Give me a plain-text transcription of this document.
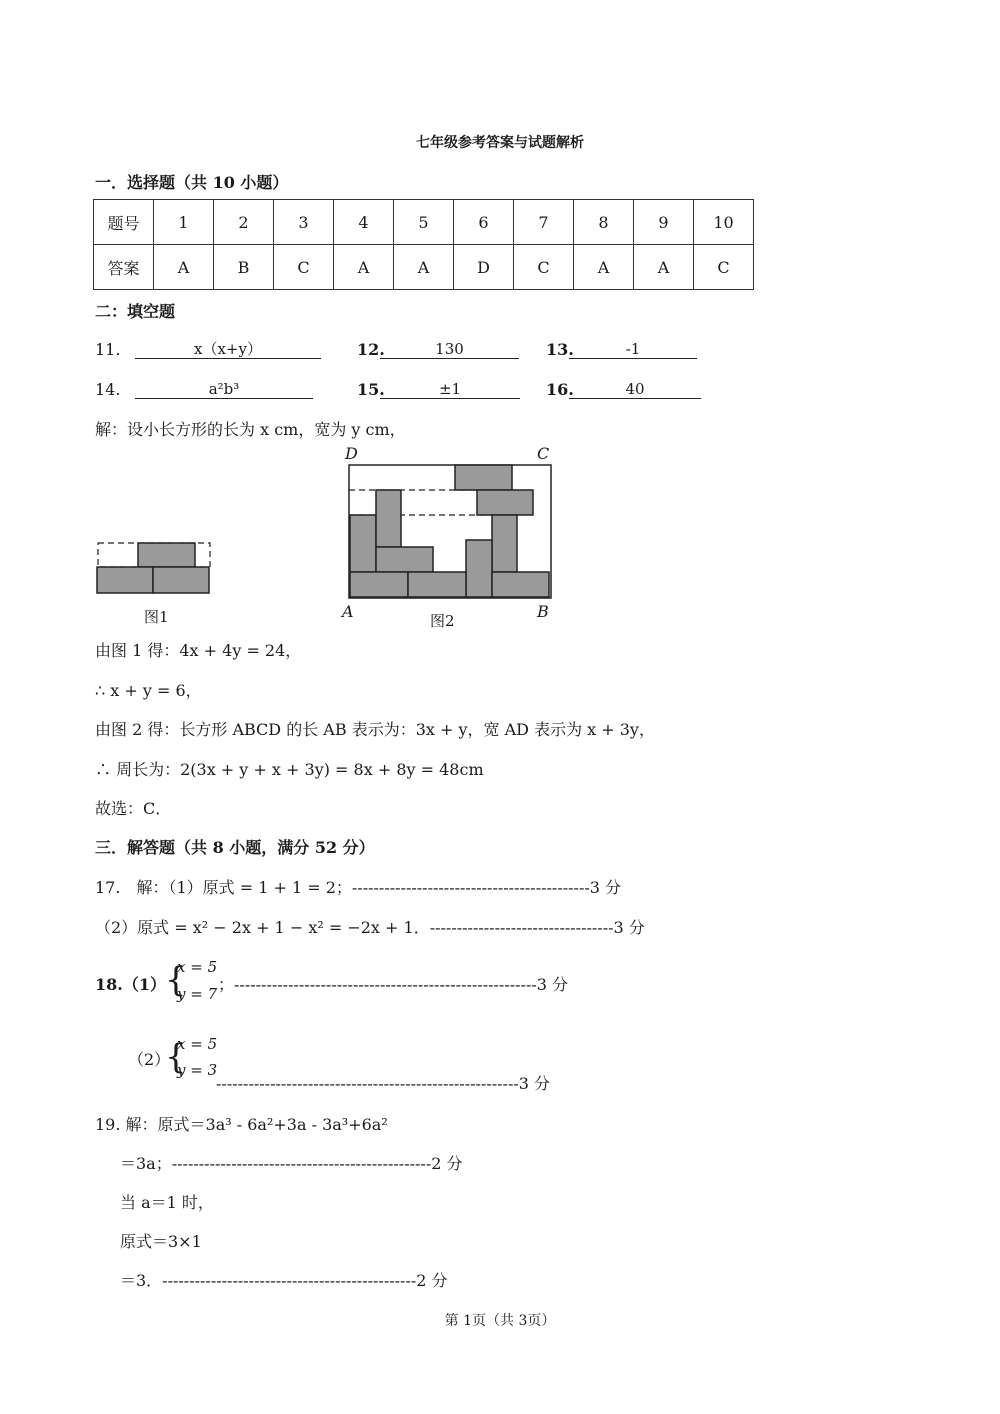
七年级参考答案与试题解析
一．选择题（共 10 小题）
题号	1	2	3	4	5	6	7	8	9	10
答案	A	B	C	A	A	D	C	A	A	C
二：填空题
11.	x（x+y）	12.	130	13.	-1
14.	a²b³	15.	±1	16.	40
解：设小长方形的长为 x cm，宽为 y cm，
图1
D	C
A	图2	B
由图 1 得：4x + 4y = 24，
∴ x + y = 6，
由图 2 得：长方形 ABCD 的长 AB 表示为：3x + y，宽 AD 表示为 x + 3y，
∴ 周长为：2(3x + y + x + 3y) = 8x + 8y = 48cm
故选：C．
三．解答题（共 8 小题，满分 52 分）
17.　解：（1）原式 = 1 + 1 = 2；--------------------------------------------3 分
（2）原式 = x² − 2x + 1 − x² = −2x + 1．----------------------------------3 分
18.（1） {
x = 5
y = 7 ；--------------------------------------------------------3 分
（2）
{
x = 5
y = 3
--------------------------------------------------------3 分
19. 解：原式＝3a³ - 6a²+3a - 3a³+6a²
＝3a；------------------------------------------------2 分
当 a＝1 时，
原式＝3×1
＝3．-----------------------------------------------2 分
第 1页（共 3页）
